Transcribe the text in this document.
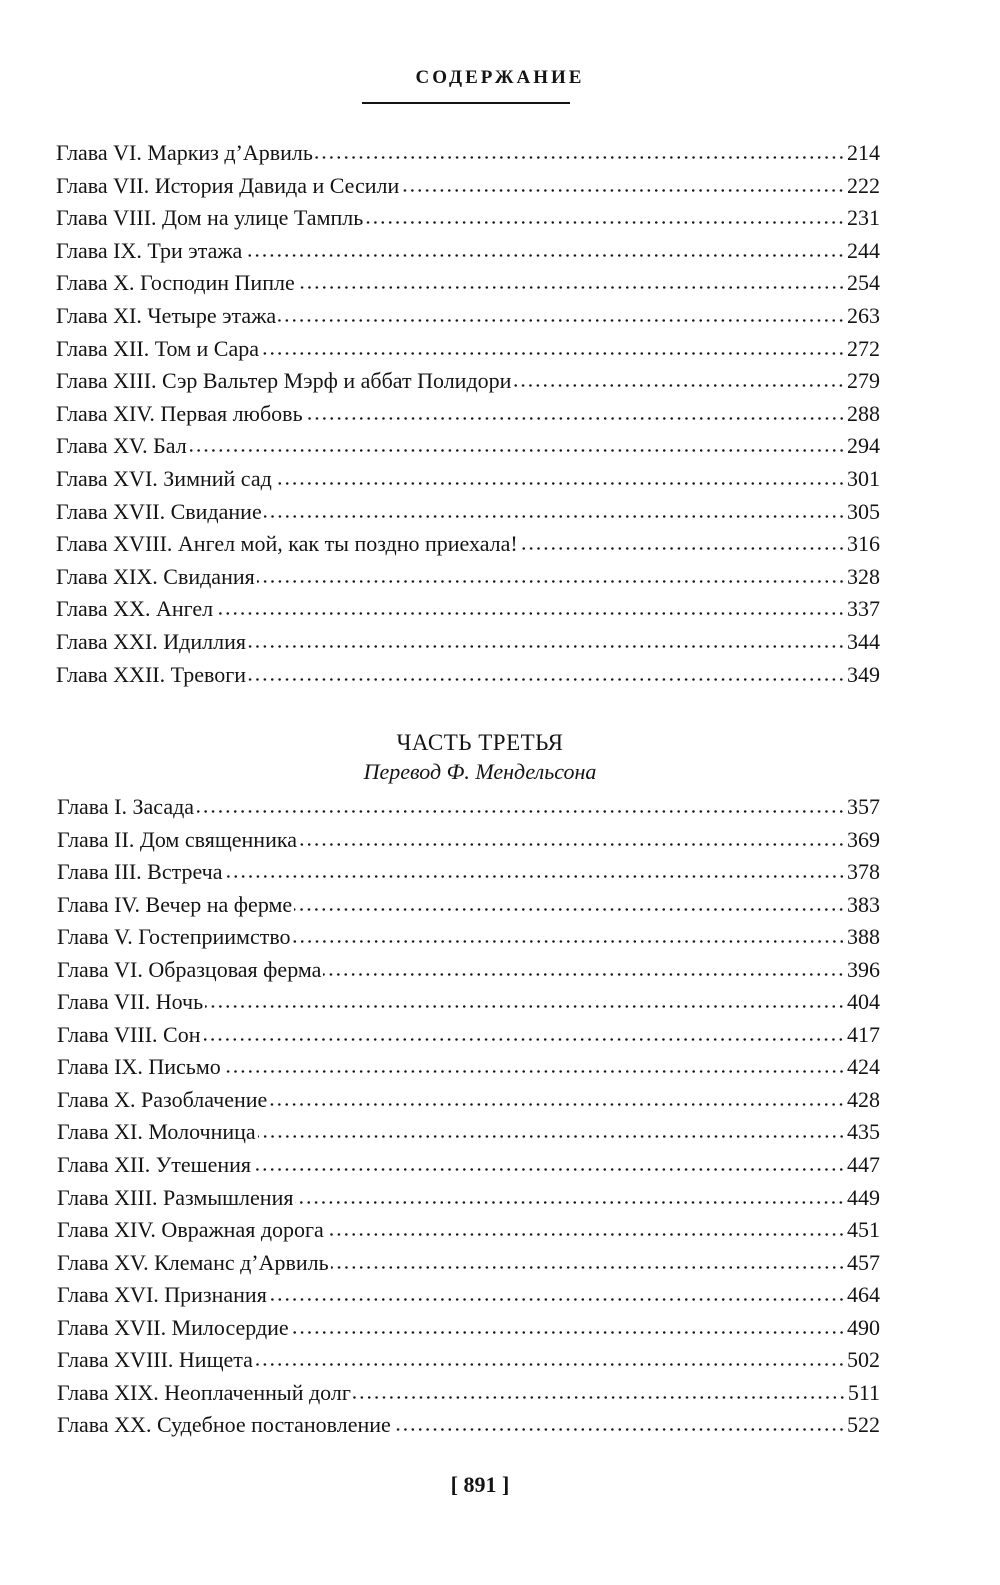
СОДЕРЖАНИЕ
Глава VI. Маркиз д’Арвиль	214
Глава VII. История Давида и Сесили	222
Глава VIII. Дом на улице Тампль	231
Глава IX. Три этажа	244
Глава X. Господин Пипле	254
Глава XI. Четыре этажа	263
Глава XII. Том и Сара	272
Глава XIII. Сэр Вальтер Мэрф и аббат Полидори	279
Глава XIV. Первая любовь	288
Глава XV. Бал	294
Глава XVI. Зимний сад	301
Глава XVII. Свидание	305
Глава XVIII. Ангел мой, как ты поздно приехала!	316
Глава XIX. Свидания	328
Глава XX. Ангел	337
Глава XXI. Идиллия	344
Глава XXII. Тревоги	349
ЧАСТЬ ТРЕТЬЯ
Перевод Ф. Мендельсона
Глава I. Засада	357
Глава II. Дом священника	369
Глава III. Встреча	378
Глава IV. Вечер на ферме	383
Глава V. Гостеприимство	388
Глава VI. Образцовая ферма	396
Глава VII. Ночь	404
Глава VIII. Сон	417
Глава IX. Письмо	424
Глава X. Разоблачение	428
Глава XI. Молочница	435
Глава XII. Утешения	447
Глава XIII. Размышления	449
Глава XIV. Овражная дорога	451
Глава XV. Клеманс д’Арвиль	457
Глава XVI. Признания	464
Глава XVII. Милосердие	490
Глава XVIII. Нищета	502
Глава XIX. Неоплаченный долг	511
Глава XX. Судебное постановление	522
[ 891 ]
